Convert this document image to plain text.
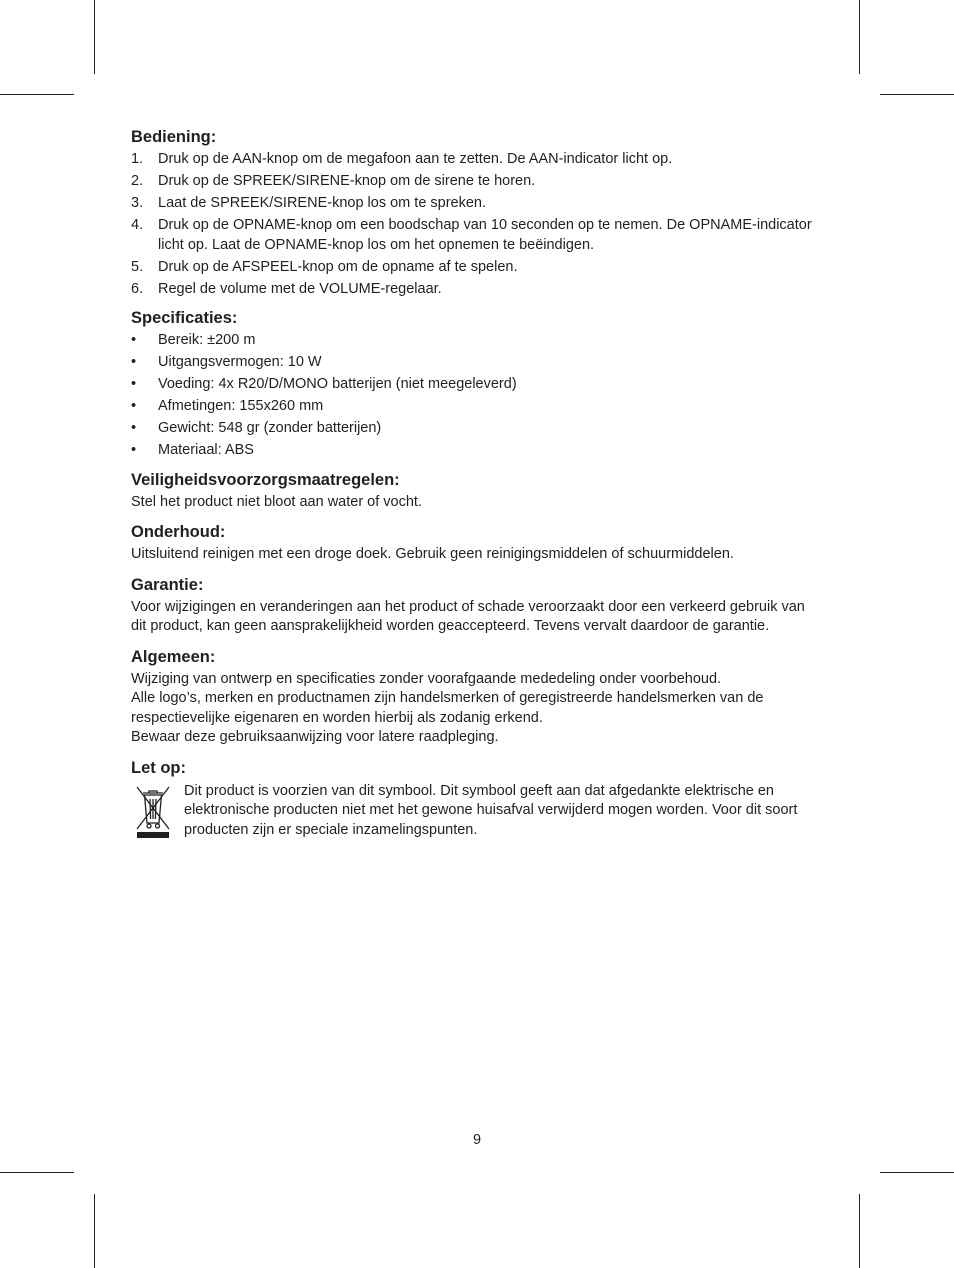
Bediening:
1.	Druk op de AAN-knop om de megafoon aan te zetten. De AAN-indicator licht op.
2.	Druk op de SPREEK/SIRENE-knop om de sirene te horen.
3.	Laat de SPREEK/SIRENE-knop los om te spreken.
4.	Druk op de OPNAME-knop om een boodschap van 10 seconden op te nemen. De OPNAME-indicator licht op. Laat de OPNAME-knop los om het opnemen te beëindigen.
5.	Druk op de AFSPEEL-knop om de opname af te spelen.
6.	Regel de volume met de VOLUME-regelaar.
Specificaties:
•	Bereik: ±200 m
•	Uitgangsvermogen: 10 W
•	Voeding: 4x R20/D/MONO batterijen (niet meegeleverd)
•	Afmetingen: 155x260 mm
•	Gewicht: 548 gr (zonder batterijen)
•	Materiaal: ABS
Veiligheidsvoorzorgsmaatregelen:

Stel het product niet bloot aan water of vocht.

Onderhoud:

Uitsluitend reinigen met een droge doek. Gebruik geen reinigingsmiddelen of schuurmiddelen.

Garantie:

Voor wijzigingen en veranderingen aan het product of schade veroorzaakt door een verkeerd gebruik van dit product, kan geen aansprakelijkheid worden geaccepteerd. Tevens vervalt daardoor de garantie.

Algemeen:

Wijziging van ontwerp en specificaties zonder voorafgaande mededeling onder voorbehoud.

Alle logo’s, merken en productnamen zijn handelsmerken of geregistreerde handelsmerken van de respectievelijke eigenaren en worden hierbij als zodanig erkend.

Bewaar deze gebruiksaanwijzing voor latere raadpleging.

Let op:

Dit product is voorzien van dit symbool. Dit symbool geeft aan dat afgedankte elektrische en elektronische producten niet met het gewone huisafval verwijderd mogen worden. Voor dit soort producten zijn er speciale inzamelingspunten.

9
